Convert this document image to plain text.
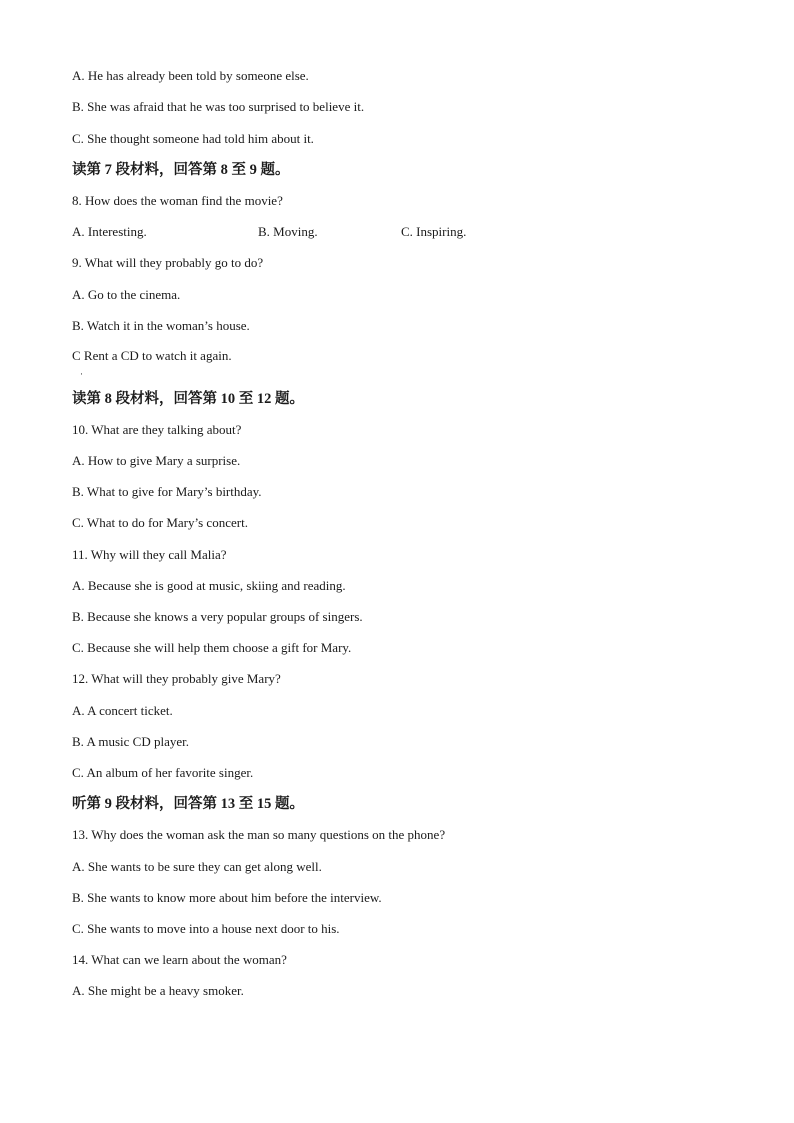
A. He has already been told by someone else.
B. She was afraid that he was too surprised to believe it.
C. She thought someone had told him about it.
读第 7 段材料，回答第 8 至 9 题。
8. How does the woman find the movie?
A. Interesting.	B. Moving.	C. Inspiring.
9. What will they probably go to do?
A. Go to the cinema.
B. Watch it in the woman’s house.
C Rent a CD to watch it again.
·
读第 8 段材料，回答第 10 至 12 题。
10. What are they talking about?
A. How to give Mary a surprise.
B. What to give for Mary’s birthday.
C. What to do for Mary’s concert.
11. Why will they call Malia?
A. Because she is good at music, skiing and reading.
B. Because she knows a very popular groups of singers.
C. Because she will help them choose a gift for Mary.
12. What will they probably give Mary?
A. A concert ticket.
B. A music CD player.
C. An album of her favorite singer.
听第 9 段材料，回答第 13 至 15 题。
13. Why does the woman ask the man so many questions on the phone?
A. She wants to be sure they can get along well.
B. She wants to know more about him before the interview.
C. She wants to move into a house next door to his.
14. What can we learn about the woman?
A. She might be a heavy smoker.
